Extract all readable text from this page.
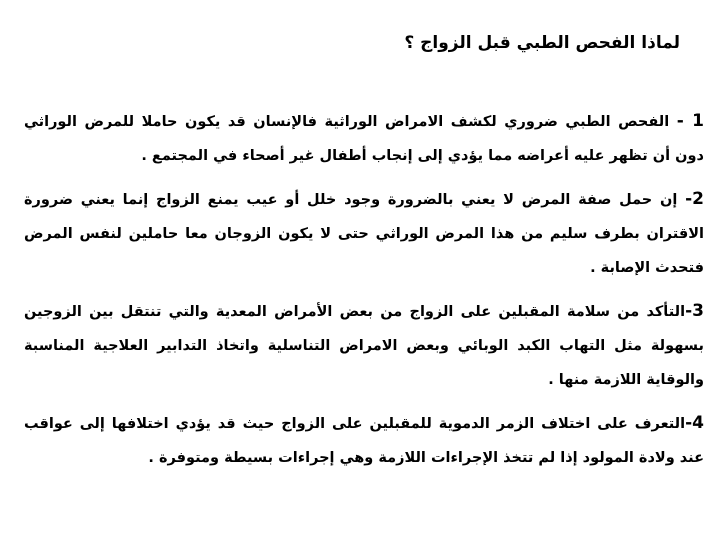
لماذا الفحص الطبي قبل الزواج ؟
1 - الفحص الطبي ضروري لكشف الامراض الوراثية فالإنسان قد يكون حاملا للمرض الوراثي دون أن تظهر عليه أعراضه مما يؤدي إلى إنجاب أطفال غير أصحاء في المجتمع .
2- إن حمل صفة المرض لا يعني بالضرورة وجود خلل أو عيب يمنع الزواج إنما يعني ضرورة الاقتران بطرف سليم من هذا المرض الوراثي حتى لا يكون الزوجان معا حاملين لنفس المرض فتحدث الإصابة .
3-التأكد من سلامة المقبلين على الزواج من بعض الأمراض المعدية والتي تنتقل بين الزوجين بسهولة مثل التهاب الكبد الوبائي وبعض الامراض التناسلية واتخاذ التدابير العلاجية المناسبة والوقاية اللازمة منها .
4-التعرف على اختلاف الزمر الدموية للمقبلين على الزواج حيث قد يؤدي اختلافها إلى عواقب عند ولادة المولود إذا لم تتخذ الإجراءات اللازمة وهي إجراءات بسيطة ومتوفرة .
